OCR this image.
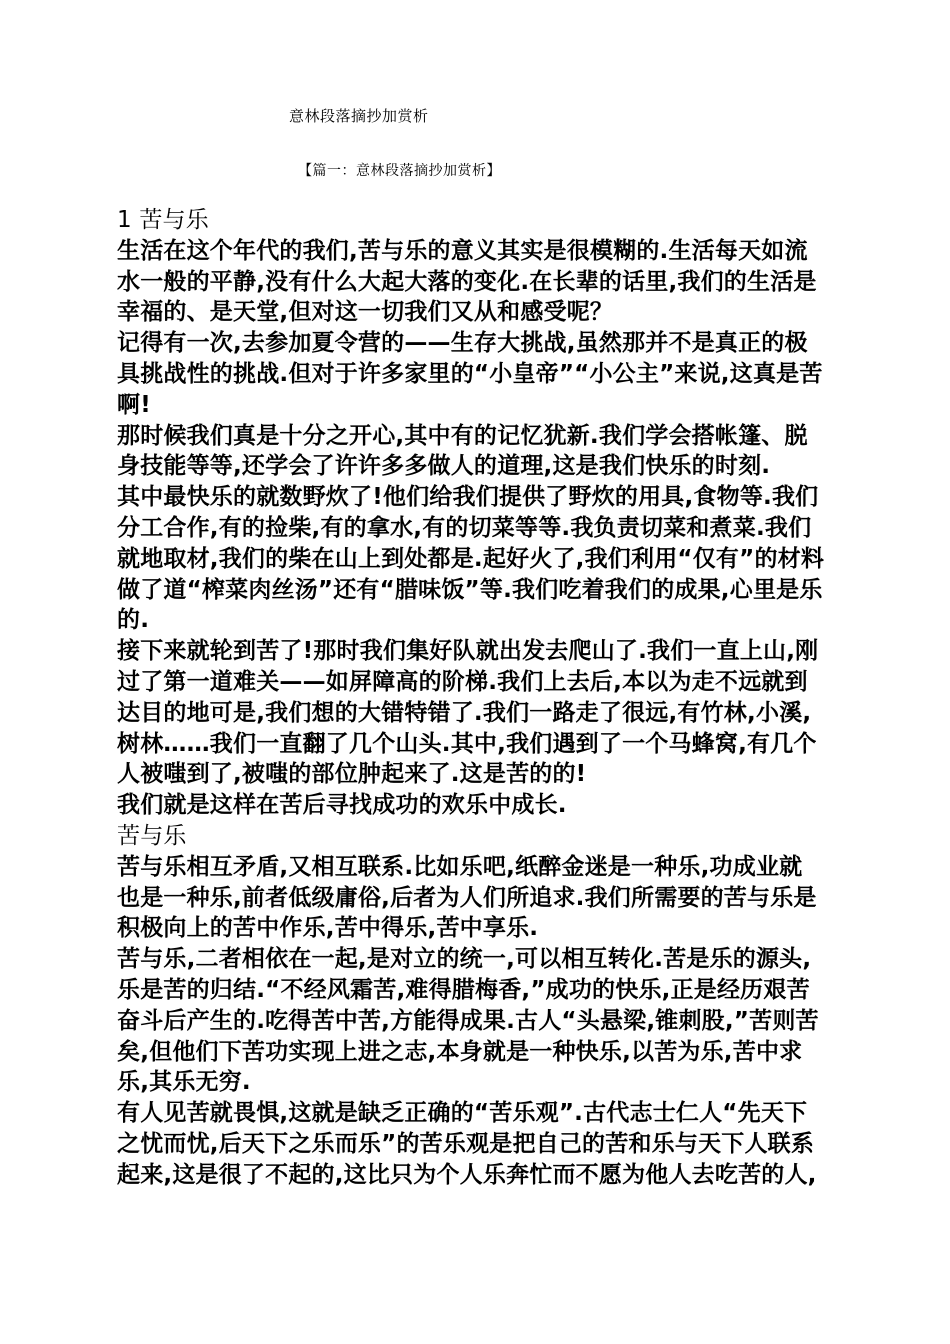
意林段落摘抄加赏析
【篇一：意林段落摘抄加赏析】
1 苦与乐
生活在这个年代的我们,苦与乐的意义其实是很模糊的.生活每天如流
水一般的平静,没有什么大起大落的变化.在长辈的话里,我们的生活是
幸福的、是天堂,但对这一切我们又从和感受呢？
记得有一次,去参加夏令营的——生存大挑战,虽然那并不是真正的极
具挑战性的挑战.但对于许多家里的“小皇帝”“小公主”来说,这真是苦
啊!
那时候我们真是十分之开心,其中有的记忆犹新.我们学会搭帐篷、脱
身技能等等,还学会了许许多多做人的道理,这是我们快乐的时刻.
其中最快乐的就数野炊了!他们给我们提供了野炊的用具,食物等.我们
分工合作,有的捡柴,有的拿水,有的切菜等等.我负责切菜和煮菜.我们
就地取材,我们的柴在山上到处都是.起好火了,我们利用“仅有”的材料
做了道“榨菜肉丝汤”还有“腊味饭”等.我们吃着我们的成果,心里是乐
的.
接下来就轮到苦了!那时我们集好队就出发去爬山了.我们一直上山,刚
过了第一道难关——如屏障高的阶梯.我们上去后,本以为走不远就到
达目的地可是,我们想的大错特错了.我们一路走了很远,有竹林,小溪,
树林……我们一直翻了几个山头.其中,我们遇到了一个马蜂窝,有几个
人被嗤到了,被嗤的部位肿起来了.这是苦的的!
我们就是这样在苦后寻找成功的欢乐中成长.
苦与乐
苦与乐相互矛盾,又相互联系.比如乐吧,纸醉金迷是一种乐,功成业就
也是一种乐,前者低级庸俗,后者为人们所追求.我们所需要的苦与乐是
积极向上的苦中作乐,苦中得乐,苦中享乐.
苦与乐,二者相依在一起,是对立的统一,可以相互转化.苦是乐的源头,
乐是苦的归结.“不经风霜苦,难得腊梅香,”成功的快乐,正是经历艰苦
奋斗后产生的.吃得苦中苦,方能得成果.古人“头悬梁,锥刺股,”苦则苦
矣,但他们下苦功实现上进之志,本身就是一种快乐,以苦为乐,苦中求
乐,其乐无穷.
有人见苦就畏惧,这就是缺乏正确的“苦乐观”.古代志士仁人“先天下
之忧而忧,后天下之乐而乐”的苦乐观是把自己的苦和乐与天下人联系
起来,这是很了不起的,这比只为个人乐奔忙而不愿为他人去吃苦的人,
